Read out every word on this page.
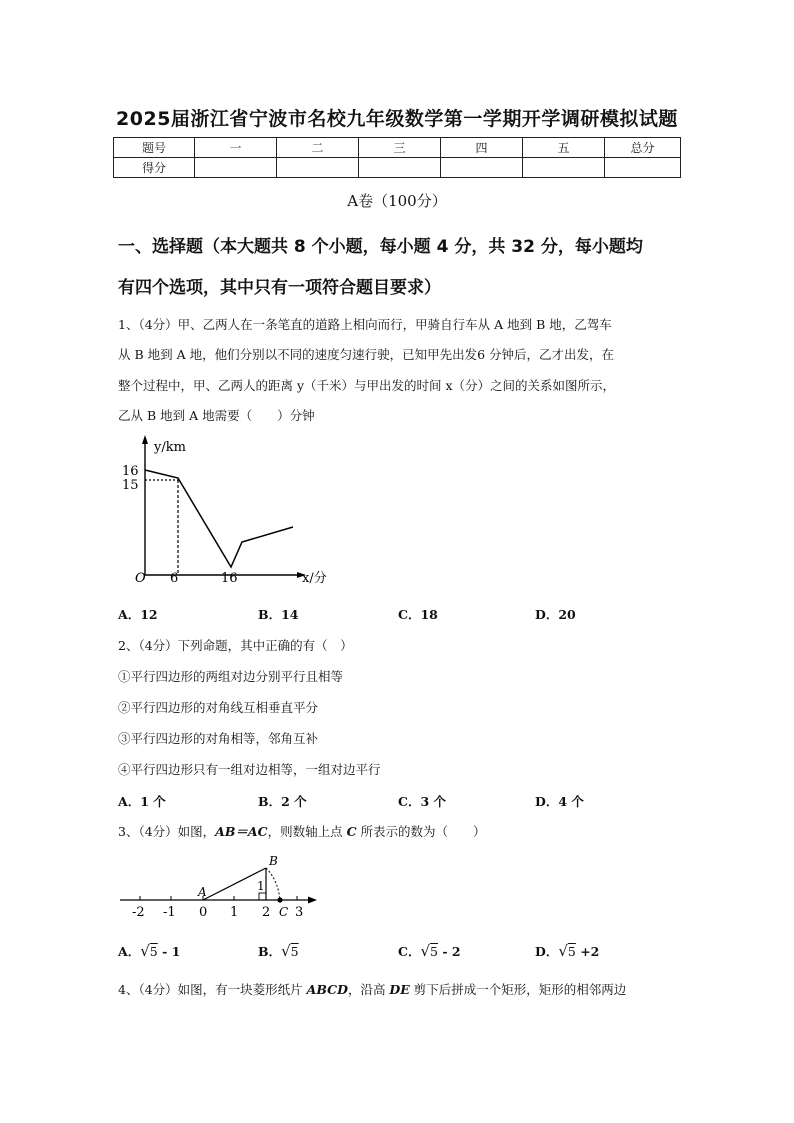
2025届浙江省宁波市名校九年级数学第一学期开学调研模拟试题
题号	一	二	三	四	五	总分
得分						
A卷（100分）
一、选择题（本大题共 8 个小题，每小题 4 分，共 32 分，每小题均
有四个选项，其中只有一项符合题目要求）
1、（4分）甲、乙两人在一条笔直的道路上相向而行，甲骑自行车从 A 地到 B 地，乙驾车
从 B 地到 A 地，他们分别以不同的速度匀速行驶，已知甲先出发6 分钟后，乙才出发，在
整个过程中，甲、乙两人的距离 y（千米）与甲出发的时间 x（分）之间的关系如图所示，
乙从 B 地到 A 地需要（　　）分钟
y/km
x/分
O
16
15
6	16
A．12	B．14	C．18	D．20
2、（4分）下列命题，其中正确的有（　）
①平行四边形的两组对边分别平行且相等
②平行四边形的对角线互相垂直平分
③平行四边形的对角相等，邻角互补
④平行四边形只有一组对边相等，一组对边平行
A．1 个	B．2 个	C．3 个	D．4 个
3、（4分）如图，AB＝AC，则数轴上点 C 所表示的数为（　　）
A
B
C
1
-2 -1 0 1 2 3
A．√5 - 1	B．√5	C．√5 - 2	D．√5 +2
4、（4分）如图，有一块菱形纸片 ABCD，沿高 DE 剪下后拼成一个矩形，矩形的相邻两边
